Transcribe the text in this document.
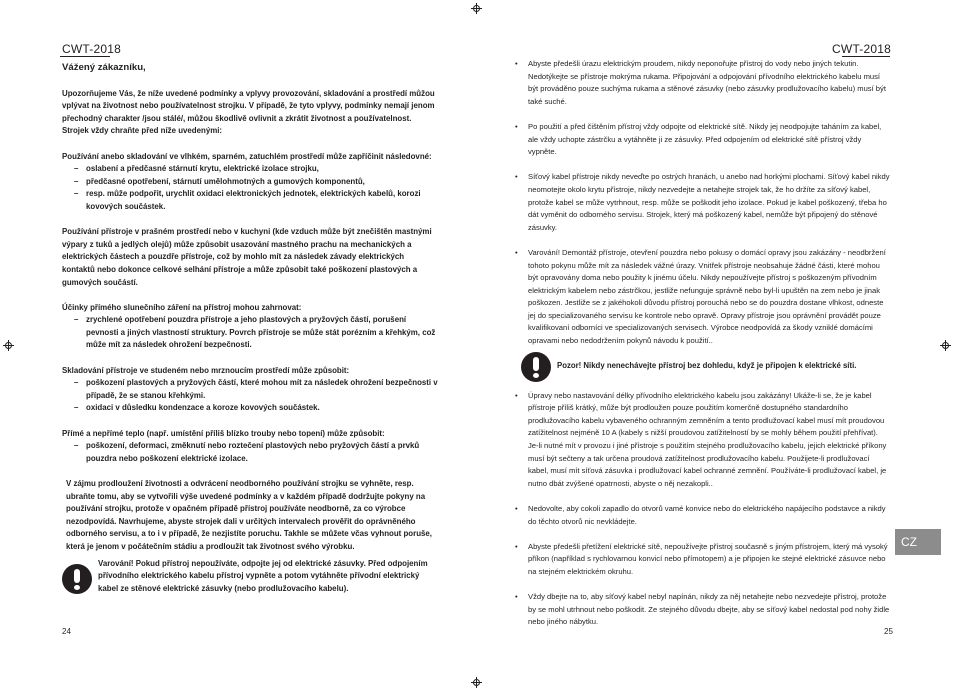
CWT-2018

Vážený zákazníku,

Upozorňujeme Vás, že níže uvedené podmínky a vplyvy provozování, skladování a prostředí můžou vplývat na životnost nebo používatelnost strojku. V případě, že tyto vplyvy, podmínky nemají jenom přechodný charakter /jsou stálé/, můžou škodlivě ovlivnit a zkrátit životnost a používatelnost. Strojek vždy chraňte před níže uvedenými:

Používání anebo skladování ve vlhkém, sparném, zatuchlém prostředí může zapříčinit následovné:

– oslabení a předčasné stárnutí krytu, elektrické izolace strojku,
– předčasné opotřebení, stárnutí umělohmotných a gumových komponentů,
– resp. může podpořit, urychlit oxidaci elektronických jednotek, elektrických kabelů, korozi kovových součástek.

Používání přístroje v prašném prostředí nebo v kuchyni (kde vzduch může být znečištěn mastnými výpary z tuků a jedlých olejů) může způsobit usazování mastného prachu na mechanických a elektrických částech a pouzdře přístroje, což by mohlo mít za následek závady elektrických kontaktů nebo dokonce celkové selhání přístroje a může způsobit také poškození plastových a gumových součástí.

Účinky přímého slunečního záření na přístroj mohou zahrnovat:

– zrychlené opotřebení pouzdra přístroje a jeho plastových a pryžových částí, porušení pevnosti a jiných vlastností struktury. Povrch přístroje se může stát porézním a křehkým, což může mít za následek ohrožení bezpečnosti.

Skladování přístroje ve studeném nebo mrznoucím prostředí může způsobit:

– poškození plastových a pryžových částí, které mohou mít za následek ohrožení bezpečnosti v případě, že se stanou křehkými.
– oxidaci v důsledku kondenzace a koroze kovových součástek.

Přímé a nepřímé teplo (např. umístění příliš blízko trouby nebo topení) může způsobit:

– poškození, deformaci, změknutí nebo roztečení plastových nebo pryžových částí a prvků pouzdra nebo poškození elektrické izolace.

V zájmu prodloužení životnosti a odvrácení neodborného používání strojku se vyhněte, resp. ubraňte tomu, aby se vytvořili výše uvedené podmínky a v každém případě dodržujte pokyny na používání strojku, protože v opačném případě přístroj používáte neodborně, za co výrobce nezodpovídá. Navrhujeme, abyste strojek dali v určitých intervalech prověřit do oprávněného odborného servisu, a to i v případě, že nezjistíte poruchu. Takhle se můžete včas vyhnout poruše, která je jenom v počátečním stádiu a prodloužit tak životnost svého výrobku.

Varování! Pokud přístroj nepoužíváte, odpojte jej od elektrické zásuvky. Před odpojením přívodního elektrického kabelu přístroj vypněte a potom vytáhněte přívodní elektrický kabel ze stěnové elektrické zásuvky (nebo prodlužovacího kabelu).

24
CWT-2018
•	Abyste předešli úrazu elektrickým proudem, nikdy neponořujte přístroj do vody nebo jiných tekutin. Nedotýkejte se přístroje mokrýma rukama. Připojování a odpojování přívodního elektrického kabelu musí být prováděno pouze suchýma rukama a stěnové zásuvky (nebo zásuvky prodlužovacího kabelu) musí být také suché.
•	Po použití a před čištěním přístroj vždy odpojte od elektrické sítě. Nikdy jej neodpojujte taháním za kabel, ale vždy uchopte zástrčku a vytáhněte ji ze zásuvky. Před odpojením od elektrické sítě přístroj vždy vypněte.
•	Síťový kabel přístroje nikdy neveďte po ostrých hranách, u anebo nad horkými plochami. Síťový kabel nikdy neomotejte okolo krytu přístroje, nikdy nezvedejte a netahejte strojek tak, že ho držíte za síťový kabel, protože kabel se může vytrhnout, resp. může se poškodit jeho izolace. Pokud je kabel poškozený, třeba ho dát vyměnit do odborného servisu. Strojek, který má poškozený kabel, nemůže být připojený do stěnové zásuvky.
•	Varování! Demontáž přístroje, otevření pouzdra nebo pokusy o domácí opravy jsou zakázány - neodbržení tohoto pokynu může mít za následek vážné úrazy. Vnitřek přístroje neobsahuje žádné části, které mohou být opravovány doma nebo použity k jinému účelu. Nikdy nepoužívejte přístroj s poškozeným přívodním elektrickým kabelem nebo zástrčkou, jestliže nefunguje správně nebo byl-li upuštěn na zem nebo je jinak poškozen. Jestliže se z jakéhokoli důvodu přístroj porouchá nebo se do pouzdra dostane vlhkost, odneste jej do specializovaného servisu ke kontrole nebo opravě. Opravy přístroje jsou oprávnění provádět pouze kvalifikovaní odborníci ve specializovaných servisech. Výrobce neodpovídá za škody vzniklé domácími opravami nebo nedodržením pokynů návodu k použití..
Pozor! Nikdy nenechávejte přístroj bez dohledu, když je připojen k elektrické síti.
•	Úpravy nebo nastavování délky přívodního elektrického kabelu jsou zakázány! Ukáže-li se, že je kabel přístroje příliš krátký, může být prodloužen pouze použitím komerčně dostupného standardního prodlužovacího kabelu vybaveného ochranným zemněním a tento prodlužovací kabel musí mít proudovou zatížitelnost nejméně 10 A (kabely s nižší proudovou zatížitelností by se mohly během použití přehřívat). Je-li nutné mít v provozu i jiné přístroje s použitím stejného prodlužovacího kabelu, jejich elektrické příkony musí být sečteny a tak určena proudová zatížitelnost prodlužovacího kabelu. Použijete-li prodlužovací kabel, musí mít síťová zásuvka i prodlužovací kabel ochranné zemnění. Používáte-li prodlužovací kabel, je nutno dbát zvýšené opatrnosti, abyste o něj nezakopli..
•	Nedovolte, aby cokoli zapadlo do otvorů vamé konvice nebo do elektrického napájecího podstavce a nikdy do těchto otvorů nic nevkládejte.
•	Abyste předešli přetížení elektrické sítě, nepoužívejte přístroj současně s jiným přístrojem, který má vysoký příkon (například s rychlovarnou konvicí nebo přímotopem) a je připojen ke stejné elektrické zásuvce nebo na stejném elektrickém okruhu.
•	Vždy dbejte na to, aby síťový kabel nebyl napínán, nikdy za něj netahejte nebo nezvedejte přístroj, protože by se mohl utrhnout nebo poškodit. Ze stejného důvodu dbejte, aby se síťový kabel nedostal pod nohy židle nebo jiného nábytku.
25
CZ
